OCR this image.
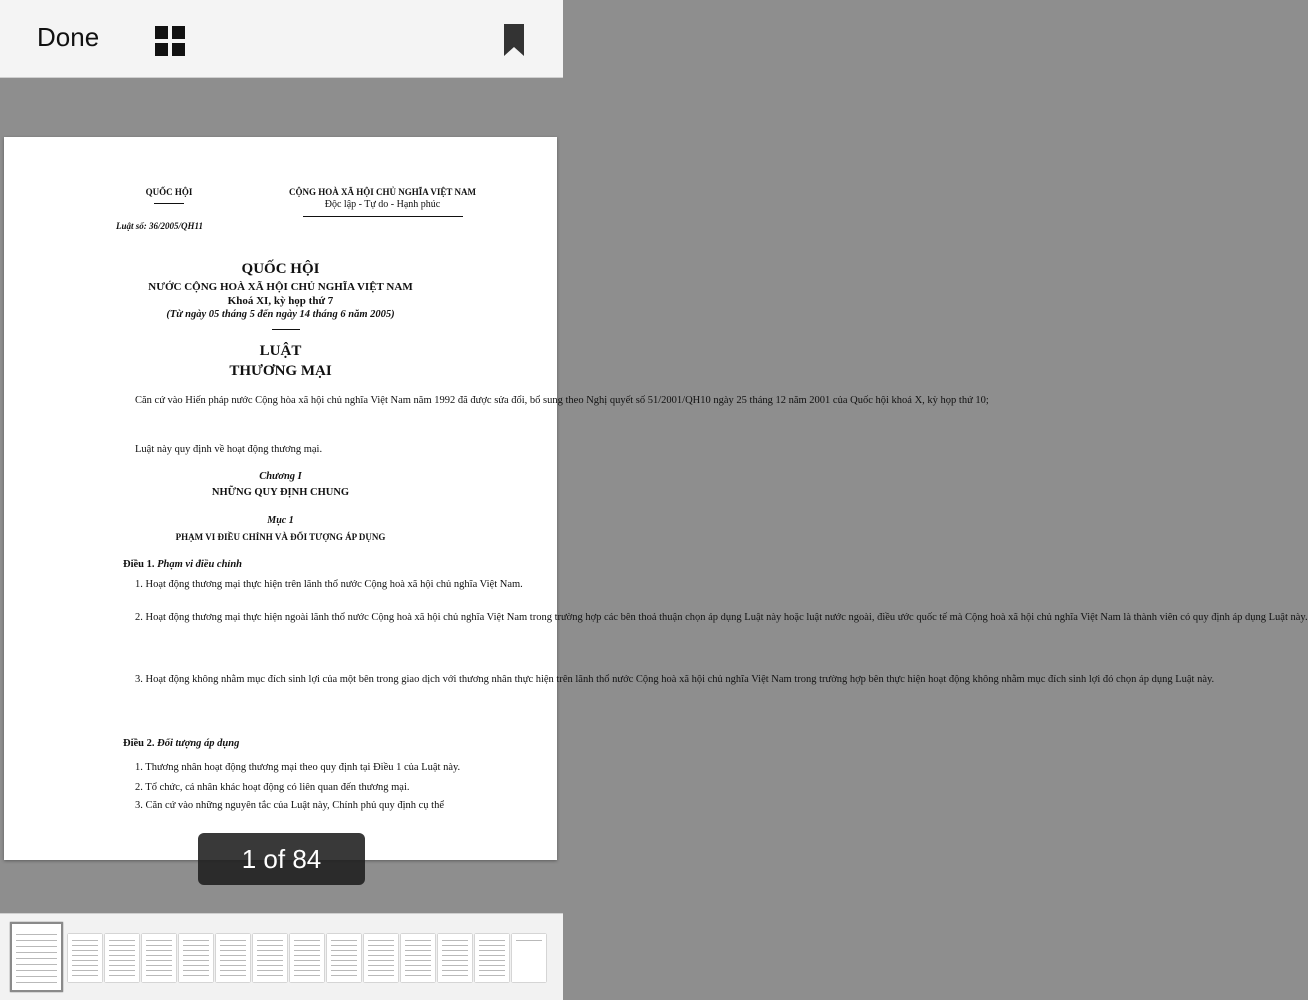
Done
QUỐC HỘI	CỘNG HOÀ XÃ HỘI CHỦ NGHĨA VIỆT NAM
Độc lập - Tự do - Hạnh phúc
Luật số: 36/2005/QH11
QUỐC HỘI
NƯỚC CỘNG HOÀ XÃ HỘI CHỦ NGHĨA VIỆT NAM
Khoá XI, kỳ họp thứ 7
(Từ ngày 05 tháng 5 đến ngày 14 tháng 6 năm 2005)
LUẬT
THƯƠNG MẠI
Căn cứ vào Hiến pháp nước Cộng hòa xã hội chủ nghĩa Việt Nam năm 1992 đã được sửa đổi, bổ sung theo Nghị quyết số 51/2001/QH10 ngày 25 tháng 12 năm 2001 của Quốc hội khoá X, kỳ họp thứ 10;
Luật này quy định về hoạt động thương mại.
Chương I
NHỮNG QUY ĐỊNH CHUNG
Mục 1
PHẠM VI ĐIỀU CHỈNH VÀ ĐỐI TƯỢNG ÁP DỤNG
Điều 1. Phạm vi điều chỉnh
1. Hoạt động thương mại thực hiện trên lãnh thổ nước Cộng hoà xã hội chủ nghĩa Việt Nam.
2. Hoạt động thương mại thực hiện ngoài lãnh thổ nước Cộng hoà xã hội chủ nghĩa Việt Nam trong trường hợp các bên thoả thuận chọn áp dụng Luật này hoặc luật nước ngoài, điều ước quốc tế mà Cộng hoà xã hội chủ nghĩa Việt Nam là thành viên có quy định áp dụng Luật này.
3. Hoạt động không nhằm mục đích sinh lợi của một bên trong giao dịch với thương nhân thực hiện trên lãnh thổ nước Cộng hoà xã hội chủ nghĩa Việt Nam trong trường hợp bên thực hiện hoạt động không nhằm mục đích sinh lợi đó chọn áp dụng Luật này.
Điều 2. Đối tượng áp dụng
1. Thương nhân hoạt động thương mại theo quy định tại Điều 1 của Luật này.
2. Tổ chức, cá nhân khác hoạt động có liên quan đến thương mại.
3. Căn cứ vào những nguyên tắc của Luật này, Chính phủ quy định cụ thể
1 of 84
